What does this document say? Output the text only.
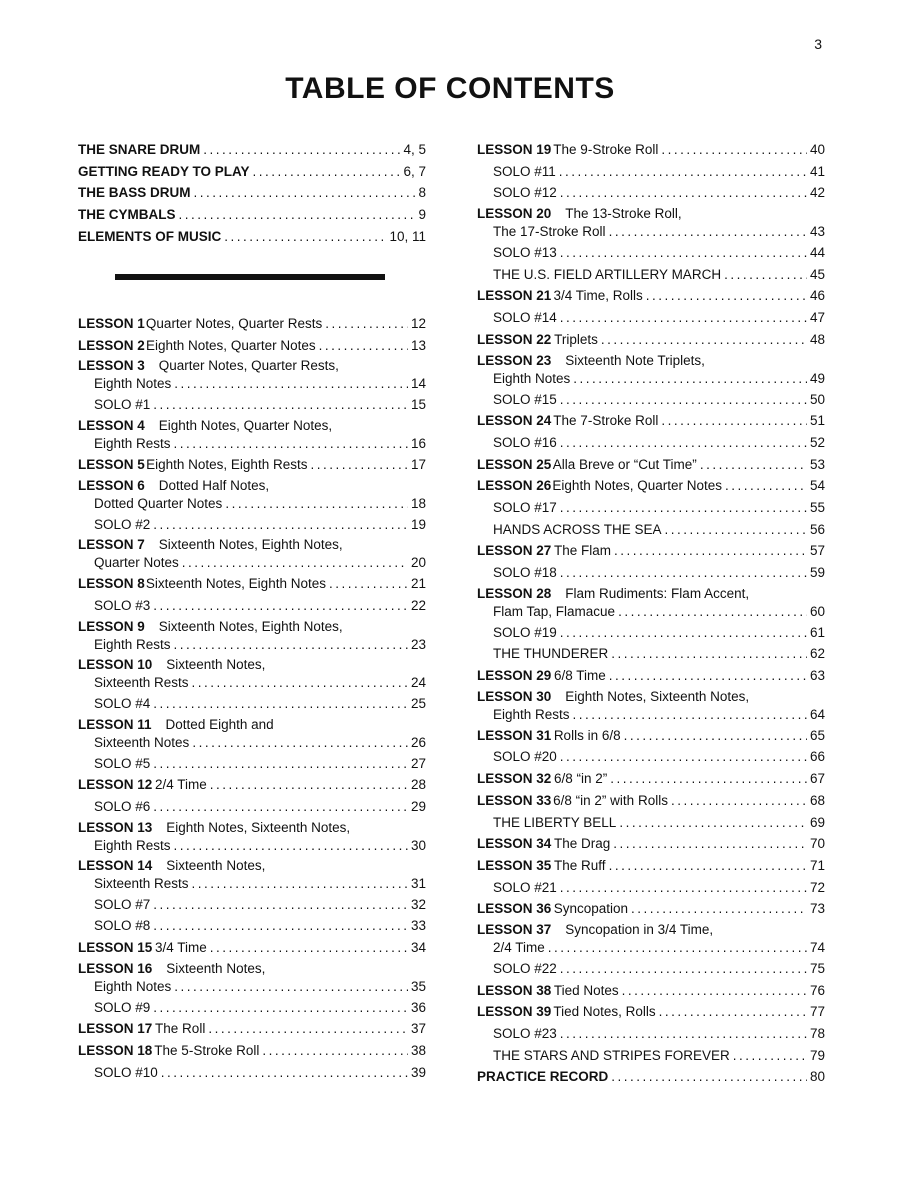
3
TABLE OF CONTENTS
THE SNARE DRUM .....	4, 5
GETTING READY TO PLAY .....	6, 7
THE BASS DRUM .....	8
THE CYMBALS .....	9
ELEMENTS OF MUSIC .....	10, 11
LESSON 1 Quarter Notes, Quarter Rests .....	12
LESSON 2 Eighth Notes, Quarter Notes .....	13
LESSON 3 Quarter Notes, Quarter Rests,
Eighth Notes .....	14
SOLO #1 .....	15
LESSON 4 Eighth Notes, Quarter Notes,
Eighth Rests .....	16
LESSON 5 Eighth Notes, Eighth Rests .....	17
LESSON 6 Dotted Half Notes,
Dotted Quarter Notes .....	18
SOLO #2 .....	19
LESSON 7 Sixteenth Notes, Eighth Notes,
Quarter Notes .....	20
LESSON 8 Sixteenth Notes, Eighth Notes .....	21
SOLO #3 .....	22
LESSON 9 Sixteenth Notes, Eighth Notes,
Eighth Rests .....	23
LESSON 10 Sixteenth Notes,
Sixteenth Rests .....	24
SOLO #4 .....	25
LESSON 11 Dotted Eighth and
Sixteenth Notes .....	26
SOLO #5 .....	27
LESSON 12 2/4 Time .....	28
SOLO #6 .....	29
LESSON 13 Eighth Notes, Sixteenth Notes,
Eighth Rests .....	30
LESSON 14 Sixteenth Notes,
Sixteenth Rests .....	31
SOLO #7 .....	32
SOLO #8 .....	33
LESSON 15 3/4 Time .....	34
LESSON 16 Sixteenth Notes,
Eighth Notes .....	35
SOLO #9 .....	36
LESSON 17 The Roll .....	37
LESSON 18 The 5-Stroke Roll .....	38
SOLO #10 .....	39
LESSON 19 The 9-Stroke Roll .....	40
SOLO #11 .....	41
SOLO #12 .....	42
LESSON 20 The 13-Stroke Roll,
The 17-Stroke Roll .....	43
SOLO #13 .....	44
THE U.S. FIELD ARTILLERY MARCH .....	45
LESSON 21 3/4 Time, Rolls .....	46
SOLO #14 .....	47
LESSON 22 Triplets .....	48
LESSON 23 Sixteenth Note Triplets,
Eighth Notes .....	49
SOLO #15 .....	50
LESSON 24 The 7-Stroke Roll .....	51
SOLO #16 .....	52
LESSON 25 Alla Breve or “Cut Time” .....	53
LESSON 26 Eighth Notes, Quarter Notes .....	54
SOLO #17 .....	55
HANDS ACROSS THE SEA .....	56
LESSON 27 The Flam .....	57
SOLO #18 .....	59
LESSON 28 Flam Rudiments: Flam Accent,
Flam Tap, Flamacue .....	60
SOLO #19 .....	61
THE THUNDERER .....	62
LESSON 29 6/8 Time .....	63
LESSON 30 Eighth Notes, Sixteenth Notes,
Eighth Rests .....	64
LESSON 31 Rolls in 6/8 .....	65
SOLO #20 .....	66
LESSON 32 6/8 “in 2” .....	67
LESSON 33 6/8 “in 2” with Rolls .....	68
THE LIBERTY BELL .....	69
LESSON 34 The Drag .....	70
LESSON 35 The Ruff .....	71
SOLO #21 .....	72
LESSON 36 Syncopation .....	73
LESSON 37 Syncopation in 3/4 Time,
2/4 Time .....	74
SOLO #22 .....	75
LESSON 38 Tied Notes .....	76
LESSON 39 Tied Notes, Rolls .....	77
SOLO #23 .....	78
THE STARS AND STRIPES FOREVER .....	79
PRACTICE RECORD .....	80
